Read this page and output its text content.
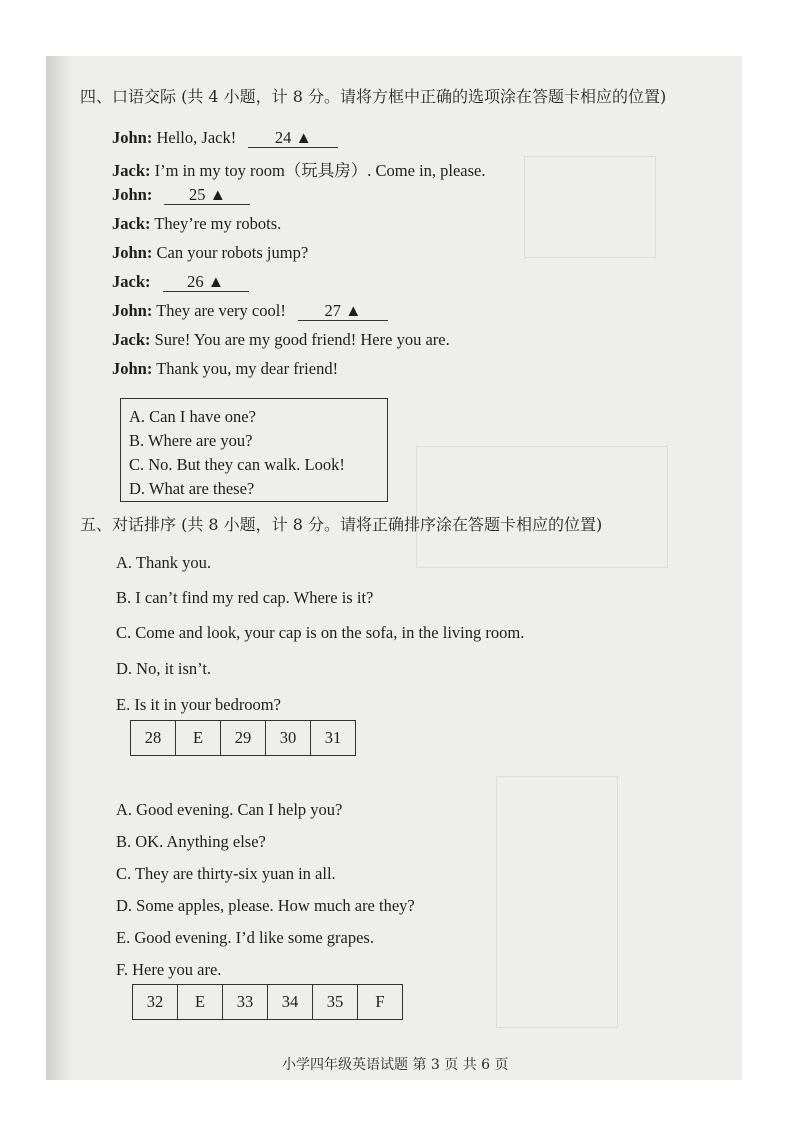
四、口语交际 (共 4 小题，计 8 分。请将方框中正确的选项涂在答题卡相应的位置)
John: Hello, Jack! 24 ▲
Jack: I’m in my toy room（玩具房）. Come in, please.
John: 25 ▲
Jack: They’re my robots.
John: Can your robots jump?
Jack: 26 ▲
John: They are very cool! 27 ▲
Jack: Sure! You are my good friend! Here you are.
John: Thank you, my dear friend!
A. Can I have one?
B. Where are you?
C. No. But they can walk. Look!
D. What are these?
五、对话排序 (共 8 小题，计 8 分。请将正确排序涂在答题卡相应的位置)
A. Thank you.
B. I can’t find my red cap. Where is it?
C. Come and look, your cap is on the sofa, in the living room.
D. No, it isn’t.
E. Is it in your bedroom?
28	E	29	30	31
A. Good evening. Can I help you?
B. OK. Anything else?
C. They are thirty-six yuan in all.
D. Some apples, please. How much are they?
E. Good evening. I’d like some grapes.
F. Here you are.
32	E	33	34	35	F
小学四年级英语试题 第 3 页 共 6 页
